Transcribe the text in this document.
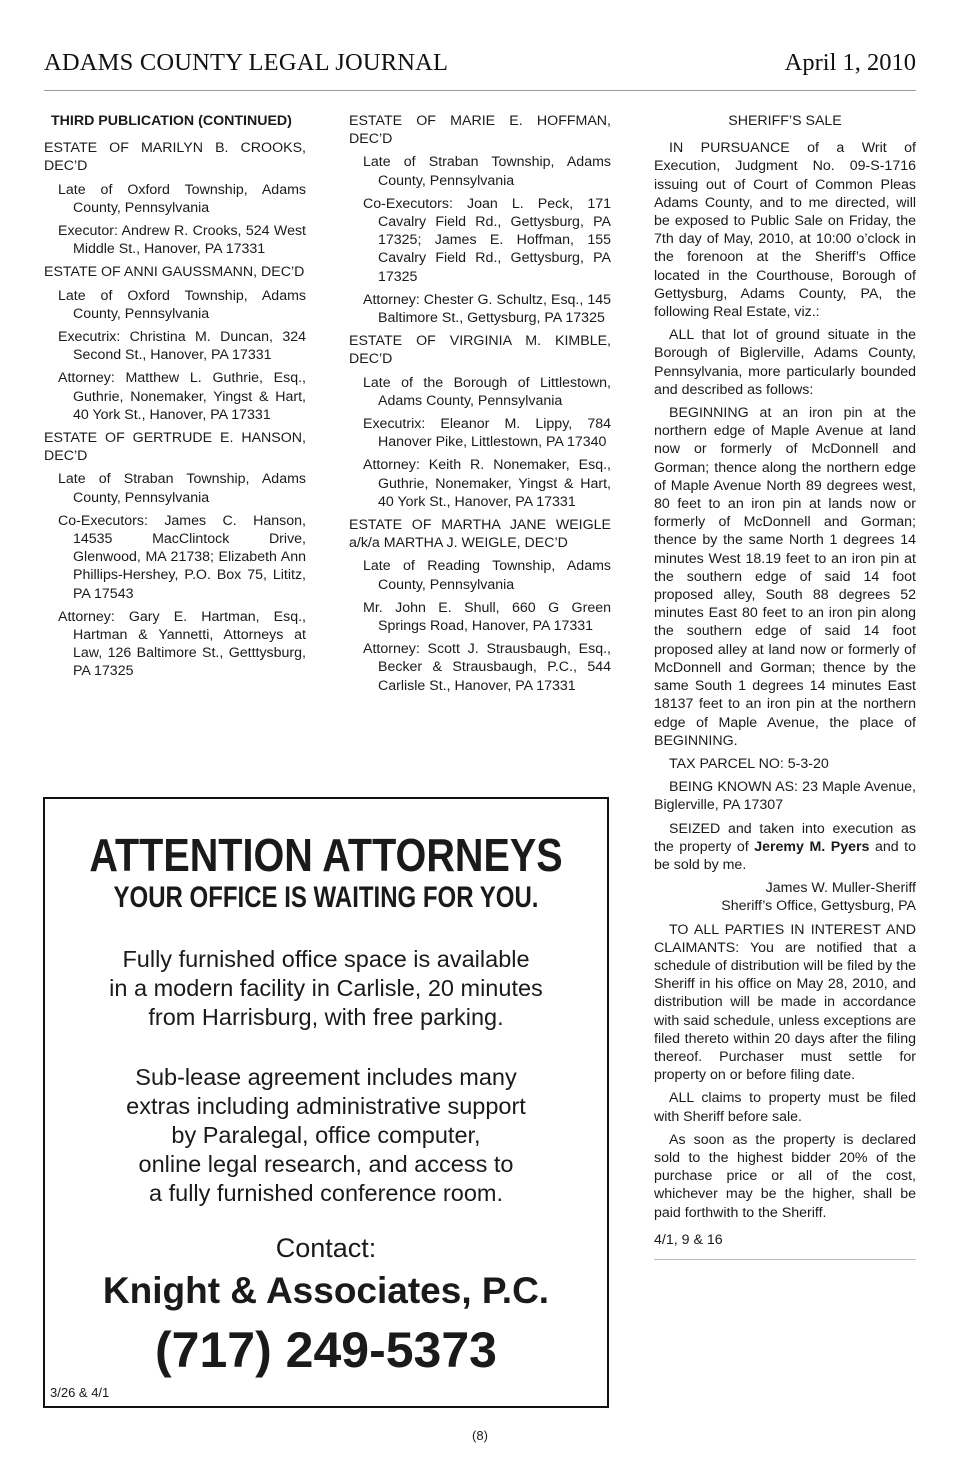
ADAMS COUNTY LEGAL JOURNAL	April 1, 2010

THIRD PUBLICATION (CONTINUED)

ESTATE OF MARILYN B. CROOKS, DEC’D

Late of Oxford Township, Adams County, Pennsylvania

Executor: Andrew R. Crooks, 524 West Middle St., Hanover, PA 17331

ESTATE OF ANNI GAUSSMANN, DEC’D

Late of Oxford Township, Adams County, Pennsylvania

Executrix: Christina M. Duncan, 324 Second St., Hanover, PA 17331

Attorney: Matthew L. Guthrie, Esq., Guthrie, Nonemaker, Yingst & Hart, 40 York St., Hanover, PA 17331

ESTATE OF GERTRUDE E. HANSON, DEC’D

Late of Straban Township, Adams County, Pennsylvania

Co-Executors: James C. Hanson, 14535 MacClintock Drive, Glenwood, MA 21738; Elizabeth Ann Phillips-Hershey, P.O. Box 75, Lititz, PA 17543

Attorney: Gary E. Hartman, Esq., Hartman & Yannetti, Attorneys at Law, 126 Baltimore St., Getttysburg, PA 17325

ESTATE OF MARIE E. HOFFMAN, DEC’D

Late of Straban Township, Adams County, Pennsylvania

Co-Executors: Joan L. Peck, 171 Cavalry Field Rd., Gettysburg, PA 17325; James E. Hoffman, 155 Cavalry Field Rd., Gettysburg, PA 17325

Attorney: Chester G. Schultz, Esq., 145 Baltimore St., Gettysburg, PA 17325

ESTATE OF VIRGINIA M. KIMBLE, DEC’D

Late of the Borough of Littlestown, Adams County, Pennsylvania

Executrix: Eleanor M. Lippy, 784 Hanover Pike, Littlestown, PA 17340

Attorney: Keith R. Nonemaker, Esq., Guthrie, Nonemaker, Yingst & Hart, 40 York St., Hanover, PA 17331

ESTATE OF MARTHA JANE WEIGLE a/k/a MARTHA J. WEIGLE, DEC’D

Late of Reading Township, Adams County, Pennsylvania

Mr. John E. Shull, 660 G Green Springs Road, Hanover, PA 17331

Attorney: Scott J. Strausbaugh, Esq., Becker & Strausbaugh, P.C., 544 Carlisle St., Hanover, PA 17331

SHERIFF’S SALE

IN PURSUANCE of a Writ of Execution, Judgment No. 09-S-1716 issuing out of Court of Common Pleas Adams County, and to me directed, will be exposed to Public Sale on Friday, the 7th day of May, 2010, at 10:00 o’clock in the forenoon at the Sheriff’s Office located in the Courthouse, Borough of Gettysburg, Adams County, PA, the following Real Estate, viz.:

ALL that lot of ground situate in the Borough of Biglerville, Adams County, Pennsylvania, more particularly bounded and described as follows:

BEGINNING at an iron pin at the northern edge of Maple Avenue at land now or formerly of McDonnell and Gorman; thence along the northern edge of Maple Avenue North 89 degrees west, 80 feet to an iron pin at lands now or formerly of McDonnell and Gorman; thence by the same North 1 degrees 14 minutes West 18.19 feet to an iron pin at the southern edge of said 14 foot proposed alley, South 88 degrees 52 minutes East 80 feet to an iron pin along the southern edge of said 14 foot proposed alley at land now or formerly of McDonnell and Gorman; thence by the same South 1 degrees 14 minutes East 18137 feet to an iron pin at the northern edge of Maple Avenue, the place of BEGINNING.

TAX PARCEL NO: 5-3-20

BEING KNOWN AS: 23 Maple Avenue, Biglerville, PA 17307

SEIZED and taken into execution as the property of Jeremy M. Pyers and to be sold by me.

James W. Muller-Sheriff

Sheriff’s Office, Gettysburg, PA

TO ALL PARTIES IN INTEREST AND CLAIMANTS: You are notified that a schedule of distribution will be filed by the Sheriff in his office on May 28, 2010, and distribution will be made in accordance with said schedule, unless exceptions are filed thereto within 20 days after the filing thereof. Purchaser must settle for property on or before filing date.

ALL claims to property must be filed with Sheriff before sale.

As soon as the property is declared sold to the highest bidder 20% of the purchase price or all of the cost, whichever may be the higher, shall be paid forthwith to the Sheriff.

4/1, 9 & 16

ATTENTION ATTORNEYS
YOUR OFFICE IS WAITING FOR YOU.
Fully furnished office space is available
in a modern facility in Carlisle, 20 minutes
from Harrisburg, with free parking.
Sub-lease agreement includes many
extras including administrative support
by Paralegal, office computer,
online legal research, and access to
a fully furnished conference room.
Contact:
Knight & Associates, P.C.
(717) 249-5373
3/26 & 4/1
(8)
